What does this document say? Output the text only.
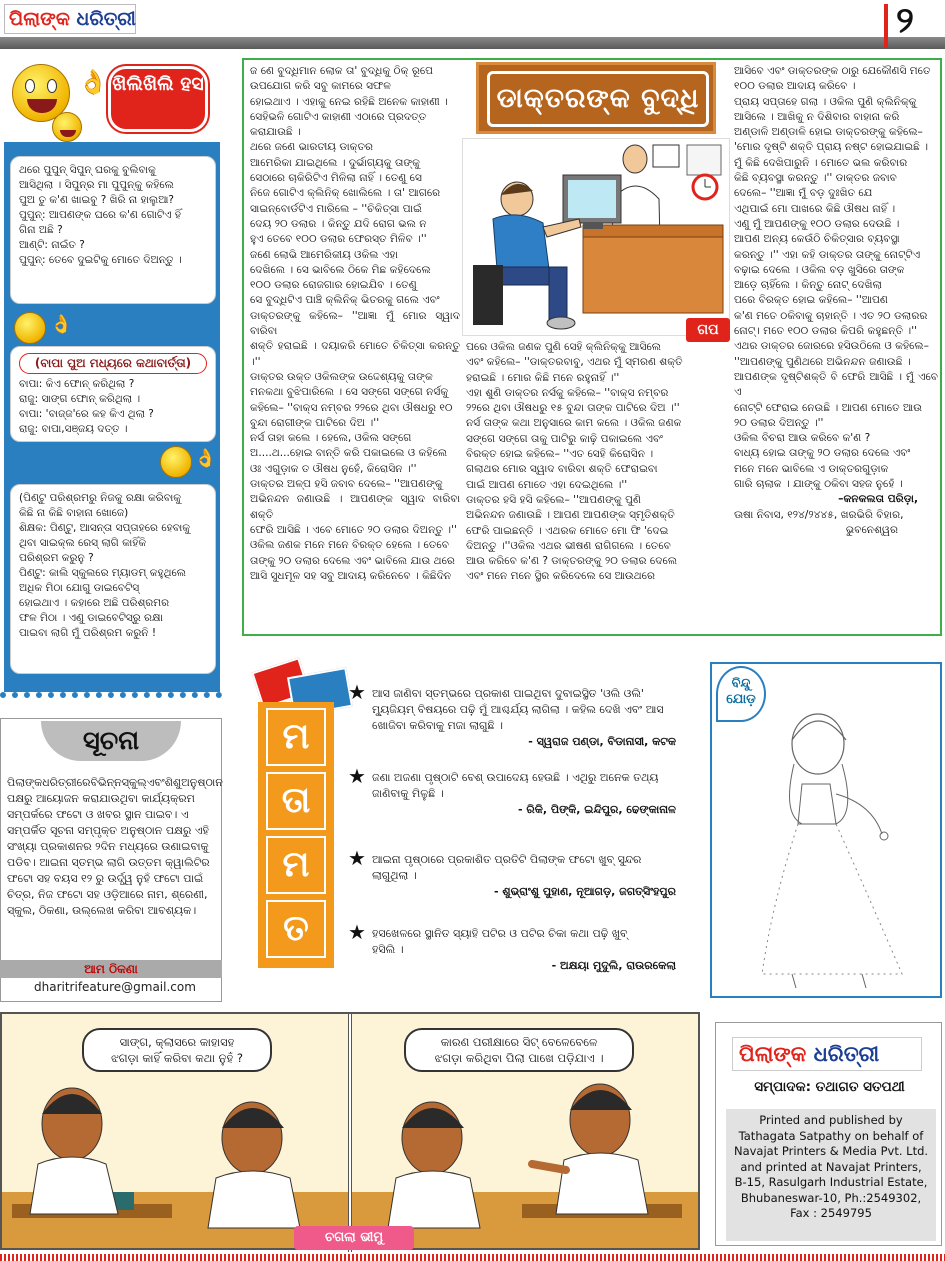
ପିଲାଙ୍କ ଧରିତ୍ରୀ	୨
👌 ଖିଲିଖିଲି ହସ

ଥରେ ପୁପୁନ୍ ସିପୁନ୍ ଘରକୁ ବୁଲିବାକୁ

ଆସିଥିଲା । ସିପୁନ୍ର ମା ପୁପୁନ୍କୁ କହିଲେ

ପୁଅ ତୁ କ'ଣ ଖାଇବୁ ? ଖିରି ନା ହାଲୁଆ?

ପୁପୁନ୍: ଆପଣଙ୍କ ଘରେ କ'ଣ ଗୋଟିଏ ହିଁ

ଗିନା ଅଛି ?

ଆଣ୍ଟି: ନାଇଁତ ?

ପୁପୁନ୍: ତେବେ ଦୁଇଟିକୁ ମୋତେ ଦିଅନ୍ତୁ ।

👌
(ବାପା ପୁଅ ମଧ୍ୟରେ କଥାବାର୍ତ୍ତା)

ବାପା: କିଏ ଫୋନ୍ କରିଥିଲା ?

ରାଜୁ: ସାଙ୍ଗ ଫୋନ୍ କରିଥିଲା ।

ବାପା: 'ବାଜ୍ଜ'ରେ କହ କିଏ ଥିଲା ?

ରାଜୁ: ବାପା,ସଞ୍ଜୟ ଦତ୍ତ ।

👌

(ପିଣ୍ଟୁ ପରିଶ୍ରମରୁ ନିଜକୁ ରକ୍ଷା କରିବାକୁ

କିଛି ନା କିଛି ବାହାନା ଖୋଜେ)

ଶିକ୍ଷକ: ପିଣ୍ଟୁ, ଆସନ୍ତା ସପ୍ତାହରେ ହେବାକୁ

ଥିବା ସାଇକ୍ଲ ରେସ୍ ଲାଗି କାହିଁକି

ପରିଶ୍ରମ କରୁନୁ ?

ପିଣ୍ଟୁ: କାଲି ସ୍କୁଲରେ ମ୍ୟାଡମ୍ କହୁଥିଲେ

ଅଧିକ ମିଠା ଯୋଗୁ ଡାଇବେଟିସ୍

ହୋଇଥାଏ । କହାରେ ଅଛି ପରିଶ୍ରମର

ଫଳ ମିଠା । ଏଣୁ ଡାଇବେଟିସ୍‌ରୁ ରକ୍ଷା

ପାଇବା ଲାଗି ମୁଁ ପରିଶ୍ରମ କରୁନି !

ସୂଚନା
ପିଲାଙ୍କଧରିତ୍ରୀରେବିଭିନ୍ନସ୍କୁଲ୍‌ଏବଂଶିଶୁଅନୁଷ୍ଠାନ
ପକ୍ଷରୁ ଆୟୋଜନ କରାଯାଉଥିବା କାର୍ଯ୍ୟକ୍ରମ
ସମ୍ପର୍କରେ ଫଟୋ ଓ ଖବର ସ୍ଥାନ ପାଇବ। ଏ
ସମ୍ପର୍କିତ ସୂଚନା ସମ୍ପୃକ୍ତ ଅନୁଷ୍ଠାନ ପକ୍ଷରୁ ଏହି
ସଂଖ୍ୟା ପ୍ରକାଶନର ୨ଦିନ ମଧ୍ୟରେ ଉଣାଇବାକୁ
ପଡିବ। ଆଇନା ସ୍ତମ୍ଭ ଲାଗି ଉତ୍ତମ କ୍ୱାଲିଟିର
ଫଟୋ ସହ ବୟସ ୧୨ ରୁ ଉର୍ଦ୍ଧ୍ୱ ନୁହଁ ଫଟୋ ପାଇଁ
ଚିତ୍ର, ନିଜ ଫଟୋ ସହ ଓଡ଼ିଆରେ ନାମ, ଶ୍ରେଣୀ,
ସ୍କୁଲ, ଠିକଣା, ଉଲ୍ଲେଖ କରିବା ଆବଶ୍ୟକ।
ଆମ ଠିକଣା
dharitrifeature@gmail.com

ଜ ଣେ ବୁଦ୍ଧିମାନ ଲୋକ ତା' ବୁଦ୍ଧିକୁ ଠିକ୍ ରୂପେ

ଉପଯୋଗ କରି ସବୁ କାମରେ ସଫଳ

ହୋଇଥାଏ । ଏହାକୁ ନେଇ ରହିଛି ଅନେକ କାହାଣୀ ।

ସେହିଭଳି ଗୋଟିଏ କାହାଣୀ ଏଠାରେ ପ୍ରଦତ୍ତ

କରାଯାଉଛି ।

ଥରେ ଜଣେ ଭାରତୀୟ ଡାକ୍ତର

ଆମେରିକା ଯାଇଥିଲେ । ଦୁର୍ଭାଗ୍ୟକୁ ତାଙ୍କୁ

ସେଠାରେ ଚାକିରିଟିଏ ମିଳିଲା ନାହିଁ । ତେଣୁ ସେ

ନିଜେ ଗୋଟିଏ କ୍ଲିନିକ୍ ଖୋଲିଲେ । ତା' ଆଗରେ

ସାଇନ୍‌ବୋର୍ଡଟିଏ ମାରିଲେ – ''ଚିକିତ୍ସା ପାଇଁ

ଦେୟ ୨୦ ଡଲାର । କିନ୍ତୁ ଯଦି ରୋଗ ଭଲ ନ

ହୁଏ ତେବେ ୧୦୦ ଡଲାର ଫେରସ୍ତ ମିଳିବ ।''

ଜଣେ ଲୋଭି ଆମେରିକୀୟ ଓକିଲ ଏହା

ଦେଖିଲେ । ସେ ଭାବିଲେ ଠିକେ ମିଛ କହିଦେଲେ

୧୦୦ ଡଲାର ରୋଜଗାର ହୋଇଯିବ । ତେଣୁ

ସେ ବୁଦ୍ଧିଟିଏ ପାଞ୍ଚି କ୍ଲିନିକ୍ ଭିତରକୁ ଗଲେ ଏବଂ

ଡାକ୍ତରଙ୍କୁ କହିଲେ– ''ଆଜ୍ଞା ମୁଁ ମୋର ସ୍ୱାଦ ବାରିବା

ଶକ୍ତି ହରାଇଛି । ଦୟାକରି ମୋତେ ଚିକିତ୍ସା କରନ୍ତୁ ।''

ଡାକ୍ତର ଉକ୍ତ ଓକିଲଙ୍କ ଉଦ୍ଦେଶ୍ୟକୁ ତାଙ୍କ

ମନକଥା ବୁଝିପାରିଲେ । ସେ ସଙ୍ଗେ ସଙ୍ଗେ ନର୍ସକୁ

କହିଲେ– ''ବାକ୍ସ ନମ୍ବର ୨୨ରେ ଥିବା ଔଷଧରୁ ୧୦

ବୁନ୍ଦା ରୋଗୀଙ୍କ ପାଟିରେ ଦିଅ ।''

ନର୍ସ ତାହା କଲେ । ହେଲେ, ଓକିଲ ସଙ୍ଗେ

ଅ....ଥ...ହୋଇ ବାନ୍ତି କରି ପକାଇଲେ ଓ କହିଲେ

ଓଃ ଏଗୁଡ଼ାକ ତ ଔଷଧ ନୁହେଁ, କିରୋସିନ ।''

ଡାକ୍ତର ଅଳ୍ପ ହସି ଜବାବ ଦେଲେ– ''ଆପଣଙ୍କୁ

ଅଭିନନ୍ଦନ ଜଣାଉଛି । ଆପଣଙ୍କ ସ୍ୱାଦ ବାରିବା ଶକ୍ତି

ଫେରି ଆସିଛି । ଏବେ ମୋତେ ୨୦ ଡଲାର ଦିଅନ୍ତୁ ।''

ଓକିଲ ଜଣକ ମନେ ମନେ ବିରକ୍ତ ହେଲେ । ତେବେ

ତାଙ୍କୁ ୨୦ ଡଲାର ଦେଲେ ଏବଂ ଭାବିଲେ ଯାଉ ଥରେ

ଆସି ସୁଧମୂଳ ସହ ସବୁ ଆଦାୟ କରିନେବେ । କିଛିଦିନ

ଡାକ୍ତରଙ୍କ ବୁଦ୍ଧି
ଗପ

ପରେ ଓକିଲ ଜଣକ ପୁଣି ସେହି କ୍ଲିନିକ୍‌କୁ ଆସିଲେ

ଏବଂ କହିଲେ– ''ଡାକ୍ତରବାବୁ, ଏଥର ମୁଁ ସ୍ମରଣ ଶକ୍ତି

ହରାଇଛି । ମୋର କିଛି ମନେ ରହୁନାହିଁ ।''

ଏହା ଶୁଣି ଡାକ୍ତର ନର୍ସକୁ କହିଲେ– ''ବାକ୍ସ ନମ୍ବର

୨୨ରେ ଥିବା ଔଷଧରୁ ୧୫ ବୁନ୍ଦା ତାଙ୍କ ପାଟିରେ ଦିଅ ।''

ନର୍ସ ତାଙ୍କ କଥା ଅନୁସାରେ କାମ କଲେ । ଓକିଲ ଜଣକ

ସଙ୍ଗେ ସଙ୍ଗେ ତାକୁ ପାଟିରୁ କାଢ଼ି ପକାଇଲେ ଏବଂ

ବିରକ୍ତ ହୋଇ କହିଲେ– ''ଏତ ସେହି କିରୋସିନ ।

ଗଲାଥର ମୋର ସ୍ୱାଦ ବାରିବା ଶକ୍ତି ଫେରାଇବା

ପାଇଁ ଆପଣ ମୋତେ ଏହା ଦେଇଥିଲେ ।''

ଡାକ୍ତର ହସି ହସି କହିଲେ– ''ଆପଣଙ୍କୁ ପୁଣି

ଅଭିନନ୍ଦନ ଜଣାଉଛି । ଆପଣ ଆପଣଙ୍କ ସ୍ମୃତିଶକ୍ତି

ଫେରି ପାଇଛନ୍ତି । ଏଥରକ ମୋତେ ମୋ ଫି 'ଦେଇ

ଦିଅନ୍ତୁ ।''ଓକିଲ ଏଥର ଭୀଷଣ ରାଗିଗଲେ । ତେବେ

ଆଉ କରିବେ କ'ଣ ? ଡାକ୍ତରଙ୍କୁ ୨୦ ଡଲାର ଦେଲେ

ଏବଂ ମନେ ମନେ ସ୍ଥିର କରିଦେଲେ ସେ ଆଉଥରେ

ଆସିବେ ଏବଂ ଡାକ୍ତରଙ୍କ ଠାରୁ ଯେକୌଣସି ମତେ

୧୦୦ ଡଲାର ଆଦାୟ କରିବେ ।

ପ୍ରାୟ ସପ୍ତାହେ ଗଲା । ଓକିଲ ପୁଣି କ୍ଲିନିକ୍‌କୁ

ଆସିଲେ । ଆଖିକୁ ନ ଦିଶିବାର ବାହାନା କରି

ଅଣ୍ଡାଳି ଅଣ୍ଡାଳି ହୋଇ ଡାକ୍ତରଙ୍କୁ କହିଲେ–

'ମୋର ଦୃଷ୍ଟି ଶକ୍ତି ପ୍ରାୟ ନଷ୍ଟ ହୋଇଯାଇଛି ।

ମୁଁ କିଛି ଦେଖିପାରୁନି । ମୋତେ ଭଲ କରିବାର

କିଛି ବ୍ୟବସ୍ଥା କରନ୍ତୁ ।'' ଡାକ୍ତର ଜବାବ

ଦେଲେ– ''ଆଜ୍ଞା ମୁଁ ବଡ଼ ଦୁଃଖିତ ଯେ

ଏଥିପାଇଁ ମୋ ପାଖରେ କିଛି ଔଷଧ ନାହିଁ ।

ଏଣୁ ମୁଁ ଆପଣଙ୍କୁ ୧୦୦ ଡଲାର ଦେଉଛି ।

ଆପଣ ଅନ୍ୟ କେଉଁଠି ଚିକିତ୍ସାର ବ୍ୟବସ୍ଥା

କରନ୍ତୁ ।'' ଏହା କହି ଡାକ୍ତର ତାଙ୍କୁ ନୋଟ୍‌ଟିଏ

ବଢ଼ାଇ ଦେଲେ । ଓକିଲ ବଡ଼ ଖୁସିରେ ତାଙ୍କ

ଆଡ଼େ ଚାହିଁଲେ । କିନ୍ତୁ ନୋଟ୍ ଦେଖିଲା

ପରେ ବିରକ୍ତ ହୋଇ କହିଲେ– ''ଆପଣ

କ'ଣ ମତେ ଠକିବାକୁ ଚାହାନ୍ତି । ଏତ ୨୦ ଡଲାରର

ନୋଟ୍। ମତେ ୧୦୦ ଡଲାର କିପରି କହୁଛନ୍ତି ।''

ଏଥର ଡାକ୍ତର ଜୋରରେ ହସିଉଠିଲେ ଓ କହିଲେ–

''ଆପଣଙ୍କୁ ପୁଣିଥରେ ଅଭିନନ୍ଦନ ଜଣାଉଛି ।

ଆପଣଙ୍କ ଦୃଷ୍ଟିଶକ୍ତି ବି ଫେରି ଆସିଛି । ମୁଁ ଏବେ ଏ

ନୋଟ୍‌ଟି ଫେରାଇ ନେଉଛି । ଆପଣ ମୋତେ ଆଉ

୨୦ ଡଲାର ଦିଅନ୍ତୁ ।''

ଓକିଲ ବିଚରା ଆଉ କରିବେ କ'ଣ ?

ବାଧ୍ୟ ହୋଇ ତାଙ୍କୁ ୨୦ ଡଲାର ଦେଲେ ଏବଂ

ମନେ ମନେ ଭାବିଲେ ଏ ଡାକ୍ତରଗୁଡ଼ାକ

ଗାରି ଚାଲାକ । ଯାଙ୍କୁ ଠକିବା ସହଜ ନୁହେଁ ।

–କନକଲତା ପରିଡ଼ା,

ଊଷା ନିବାସ, ୧୨୪/୨୪୪୫, ଖରଭିରି ବିହାର,

ଭୁବନେଶ୍ୱର

ମ
ତା
ମ
ତ
★ ଆସ ଜାଣିବା ସ୍ତମ୍ଭରେ ପ୍ରକାଶ ପାଇଥିବା ଦୁବାଇସ୍ଥିତ 'ଓଲି ଓଲି'
ମ୍ୟୁଜିୟମ୍ ବିଷୟରେ ପଢ଼ି ମୁଁ ଆଶ୍ଚର୍ଯ୍ୟ ଲାଗିଲା । କହିଲ ଦେଖି ଏବଂ ଆସ
ଖୋଜିବା କରିବାକୁ ମଜା ଲାଗୁଛି ।
- ସ୍ୱରାଜ ପଣ୍ଡା, ବିଡାନାସୀ, କଟକ
★ ଜଣା ଅଜଣା ପୃଷ୍ଠାଟି ବେଶ୍ ଉପାଦେୟ ହେଉଛି । ଏଥିରୁ ଅନେକ ତଥ୍ୟ
ଜାଣିବାକୁ ମିଳୁଛି ।
- ରିକି, ପିଙ୍କି, ଇନ୍ଦିପୁର, ଢେଙ୍କାନାଳ
★ ଆଇନା ପୃଷ୍ଠାରେ ପ୍ରକାଶିତ ପ୍ରତିଟି ପିଲାଙ୍କ ଫଟୋ ଖୁବ୍ ସୁନ୍ଦର
ଲାଗୁଥିଲା ।
- ଶୁଭ୍ରାଂଶୁ ପୁହାଣ, ନୂଆଗଡ଼, ଜଗତ୍‌ସିଂହପୁର
★ ହସଖେଳରେ ସ୍ଥାନିତ ସ୍ୟାହି ପଟିର ଓ ପଟିର ଚିକା କଥା ପଢ଼ି ଖୁବ୍
ହସିଲି ।
- ଅକ୍ଷୟା ମୁଦୁଲି, ରାଉରକେଲା
ବିନ୍ଦୁ ଯୋଡ଼
ସାଙ୍ଗ, କ୍ଲାସରେ କାହାସହ
ଝଗଡ଼ା କାହିଁ କରିବା କଥା ନୁହଁ ?
କାରଣ ପରୀକ୍ଷାରେ ସିଟ୍ ବେଳେବେଳେ
ଝଗଡ଼ା କରିଥିବା ପିଲା ପାଖେ ପଡ଼ିଯାଏ ।
ଚଗଲା ଭୀମୁ
ପିଲାଙ୍କ ଧରିତ୍ରୀ
ସମ୍ପାଦକ: ତଥାଗତ ସତପଥୀ
Printed and published by
Tathagata Satpathy on behalf of
Navajat Printers & Media Pvt. Ltd.
and printed at Navajat Printers,
B-15, Rasulgarh Industrial Estate,
Bhubaneswar-10, Ph.:2549302,
Fax : 2549795
